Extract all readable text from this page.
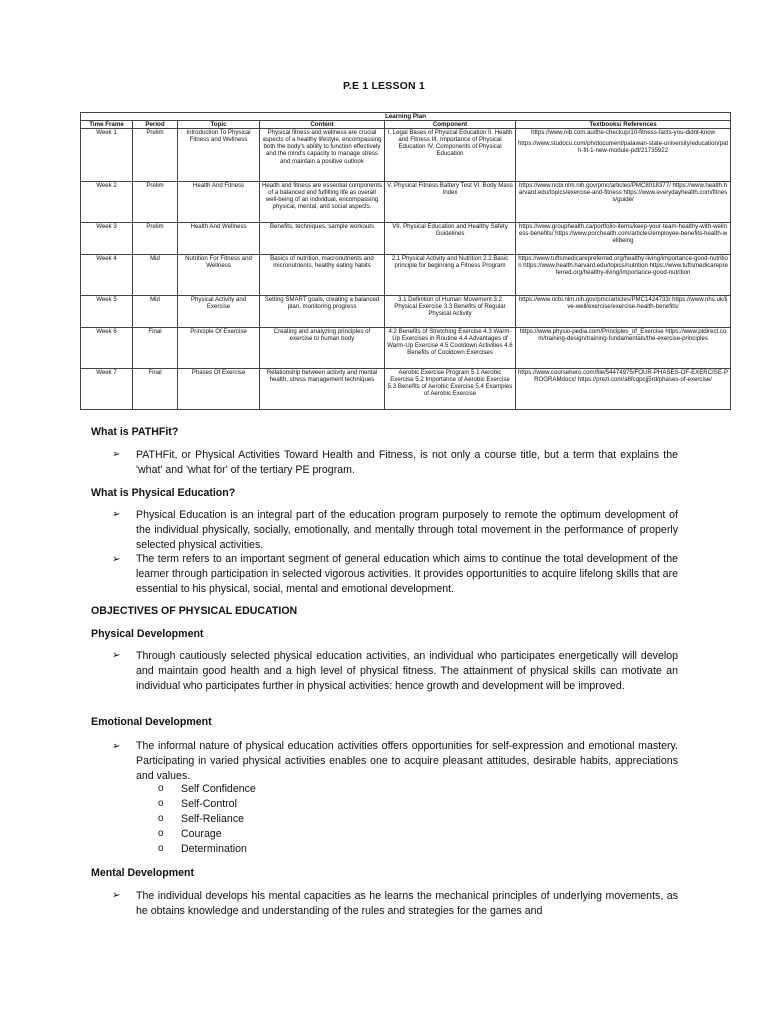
P.E 1 LESSON 1
Learning Plan					
Time Frame	Period	Topic	Content	Component	Textbooks/ References
Week 1	Prelim	Introduction To Physical Fitness and Wellness	Physical fitness and wellness are crucial aspects of a healthy lifestyle, encompassing both the body's ability to function effectively and the mind's capacity to manage stress and maintain a positive outlook	I. Legal Bases of Physical Education II. Health and Fitness III. Importance of Physical Education IV. Components of Physical Education	https://www.nib.com.au/the-checkup/10-fitness-facts-you-didnt-know

https://www.studocu.com/ph/document/palawan-state-university/education/path-fit-1-new-module-pdf/21735922

Week 2	Prelim	Health And Fitness	Health and fitness are essential components of a balanced and fulfilling life as overall well-being of an individual, encompassing physical, mental, and social aspects.	V. Physical Fitness Battery Test VI. Body Mass Index	https://www.ncbi.nlm.nih.gov/pmc/articles/PMC8018377/ https://www.health.harvard.edu/topics/exercise-and-fitness https://www.everydayhealth.com/fitness/guide/

Week 3	Prelim	Health And Wellness	Benefits, techniques, sample workouts	VII. Physical Education and Healthy Safety Guidelines	https://www.grouphealth.ca/portfolio-items/keep-your-team-healthy-with-wellness-benefits/ https://www.porchealth.com/articles/employee-benefits-health-wellbeing

Week 4	Mid	Nutrition For Fitness and Wellness	Basics of nutrition, macronutrients and micronutrients, healthy eating habits	2.1 Physical Activity and Nutrition 2.2 Basic principle for beginning a Fitness Program	https://www.tuftsmedicarepreferred.org/healthy-living/importance-good-nutrition https://www.health.harvard.edu/topics/nutrition https://www.tuftsmedicarepreferred.org/healthy-living/importance-good-nutrition

Week 5	Mid	Physical Activity and Exercise	Setting SMART goals, creating a balanced plan, monitoring progress	3.1 Definition of Human Movement 3.2 Physical Exercise 3.3 Benefits of Regular Physical Activity	https://www.ncbi.nlm.nih.gov/pmc/articles/PMC1424733/ https://www.nhs.uk/live-well/exercise/exercise-health-benefits/

Week 6	Final	Principle Of Exercise	Creating and analyzing principles of exercise to human body	4.2 Benefits of Stretching Exercise 4.3 Warm-Up Exercises in Routine 4.4 Advantages of Warm-Up Exercise 4.5 Cooldown Activities 4.6 Benefits of Cooldown Exercises	https://www.physio-pedia.com/Principles_of_Exercise https://www.ptdirect.com/training-design/training-fundamentals/the-exercise-principles

Week 7	Final	Phases Of Exercise	Relationship between activity and mental health, stress management techniques	Aerobic Exercise Program 5.1 Aerobic Exercise 5.2 Importance of Aerobic Exercise 5.3 Benefits of Aerobic Exercise 5.4 Examples of Aerobic Exercise	https://www.coursehero.com/file/54474975/FOUR-PHASES-OF-EXERCISE-PROGRAMdocx/ https://prezi.com/a6fcqpcjj5rd/phases-of-exercise/

What is PATHFit?
➢ PATHFit, or Physical Activities Toward Health and Fitness, is not only a course title, but a term that explains the 'what' and 'what for' of the tertiary PE program.
What is Physical Education?
➢ Physical Education is an integral part of the education program purposely to remote the optimum development of the individual physically, socially, emotionally, and mentally through total movement in the performance of properly selected physical activities.
➢ The term refers to an important segment of general education which aims to continue the total development of the learner through participation in selected vigorous activities. It provides opportunities to acquire lifelong skills that are essential to his physical, social, mental and emotional development.
OBJECTIVES OF PHYSICAL EDUCATION
Physical Development
➢ Through cautiously selected physical education activities, an individual who participates energetically will develop and maintain good health and a high level of physical fitness. The attainment of physical skills can motivate an individual who participates further in physical activities: hence growth and development will be improved.
Emotional Development
➢ The informal nature of physical education activities offers opportunities for self-expression and emotional mastery. Participating in varied physical activities enables one to acquire pleasant attitudes, desirable habits, appreciations and values.
o Self Confidence
o Self-Control
o Self-Reliance
o Courage
o Determination
Mental Development
➢ The individual develops his mental capacities as he learns the mechanical principles of underlying movements, as he obtains knowledge and understanding of the rules and strategies for the games and
